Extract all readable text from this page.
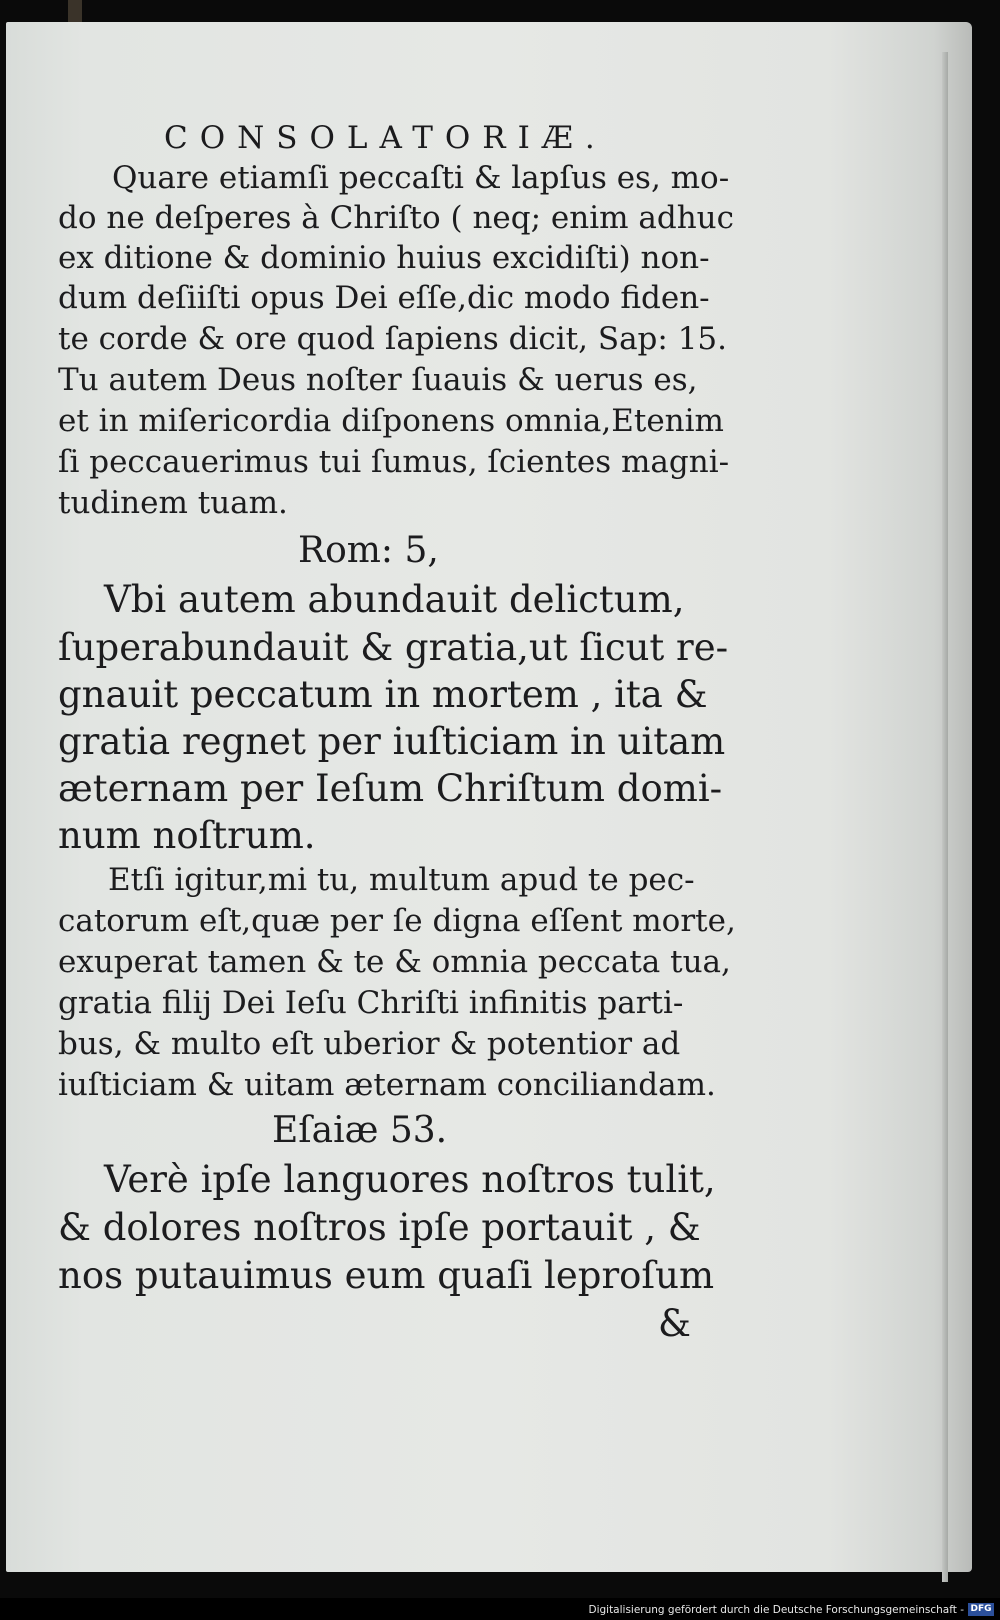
CONSOLATORIÆ.
Quare etiamſi peccaſti & lapſus es, mo-
do ne deſperes à Chriſto ( neq; enim adhuc
ex ditione & dominio huius excidiſti) non-
dum deſiiſti opus Dei eſſe,dic modo fiden-
te corde & ore quod ſapiens dicit, Sap: 15.
Tu autem Deus noſter ſuauis & uerus es,
et in miſericordia diſponens omnia,Etenim
ſi peccauerimus tui ſumus, ſcientes magni-
tudinem tuam.
Rom: 5,
Vbi autem abundauit delictum,
ſuperabundauit & gratia,ut ſicut re-
gnauit peccatum in mortem , ita &
gratia regnet per iuſticiam in uitam
æternam per Ieſum Chriſtum domi-
num noſtrum.
Etſi igitur,mi tu, multum apud te pec-
catorum eſt,quæ per ſe digna eſſent morte,
exuperat tamen & te & omnia peccata tua,
gratia filij Dei Ieſu Chriſti infinitis parti-
bus, & multo eſt uberior & potentior ad
iuſticiam & uitam æternam conciliandam.
Eſaiæ 53.
Verè ipſe languores noſtros tulit,
& dolores noſtros ipſe portauit , &
nos putauimus eum quaſi leproſum
&
Digitalisierung gefördert durch die Deutsche Forschungsgemeinschaft - DFG
